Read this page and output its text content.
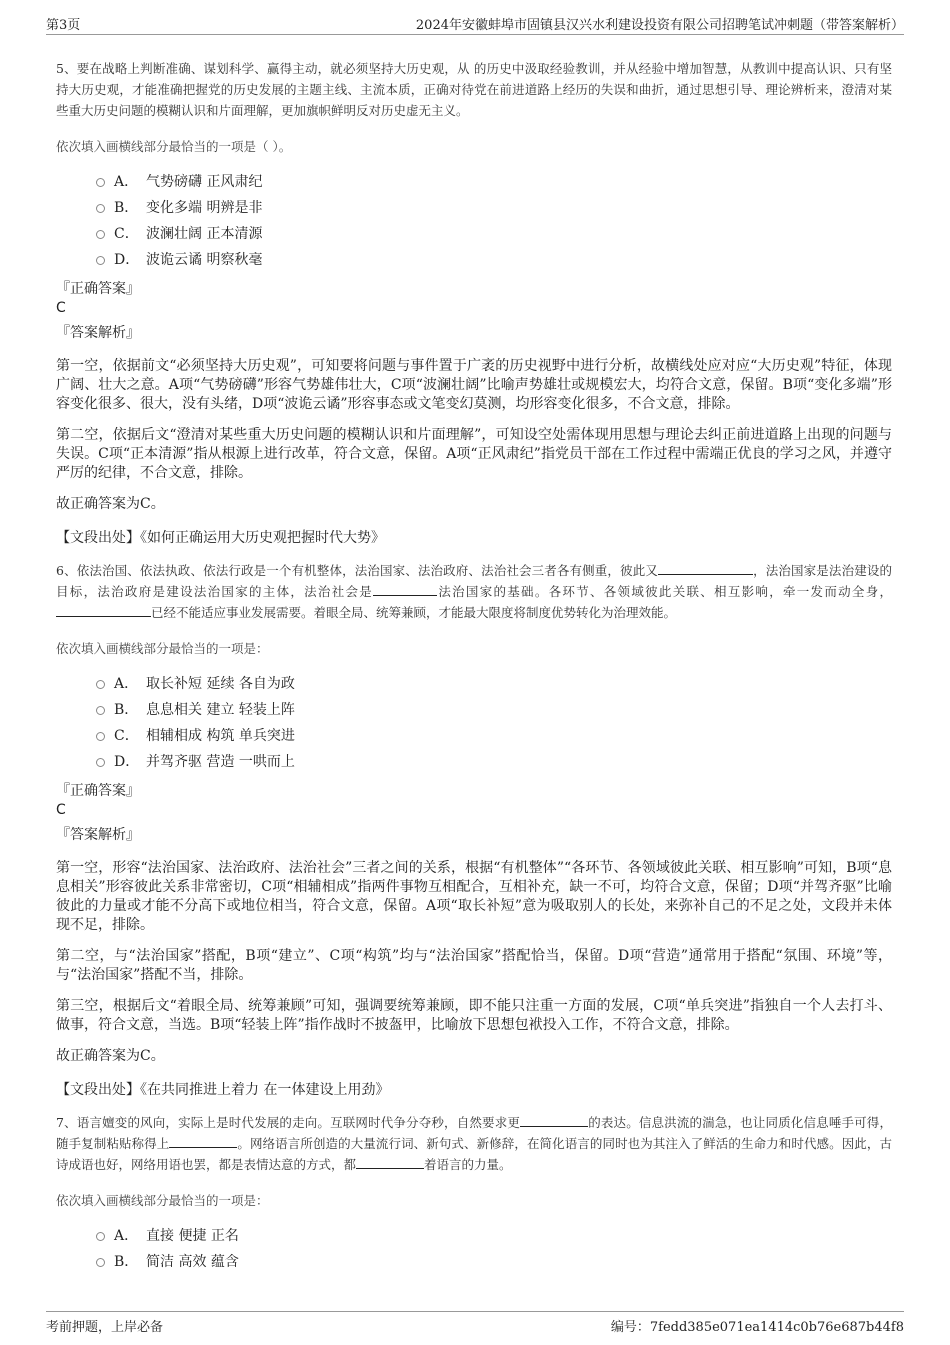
第3页	2024年安徽蚌埠市固镇县汉兴水利建设投资有限公司招聘笔试冲刺题（带答案解析）
5、要在战略上判断准确、谋划科学、赢得主动，就必须坚持大历史观，从 的历史中汲取经验教训，并从经验中增加智慧，从教训中提高认识、只有坚持大历史观，才能准确把握党的历史发展的主题主线、主流本质，正确对待党在前进道路上经历的失误和曲折，通过思想引导、理论辨析来，澄清对某些重大历史问题的模糊认识和片面理解，更加旗帜鲜明反对历史虚无主义。
依次填入画横线部分最恰当的一项是（ ）。
A． 气势磅礴 正风肃纪
B． 变化多端 明辨是非
C． 波澜壮阔 正本清源
D． 波诡云谲 明察秋毫
『正确答案』
C
『答案解析』
第一空，依据前文“必须坚持大历史观”，可知要将问题与事件置于广袤的历史视野中进行分析，故横线处应对应“大历史观”特征，体现广阔、壮大之意。A项“气势磅礴”形容气势雄伟壮大，C项“波澜壮阔”比喻声势雄壮或规模宏大，均符合文意，保留。B项“变化多端”形容变化很多、很大，没有头绪，D项“波诡云谲”形容事态或文笔变幻莫测，均形容变化很多，不合文意，排除。
第二空，依据后文“澄清对某些重大历史问题的模糊认识和片面理解”，可知设空处需体现用思想与理论去纠正前进道路上出现的问题与失误。C项“正本清源”指从根源上进行改革，符合文意，保留。A项“正风肃纪”指党员干部在工作过程中需端正优良的学习之风，并遵守严厉的纪律，不合文意，排除。
故正确答案为C。
【文段出处】《如何正确运用大历史观把握时代大势》
6、依法治国、依法执政、依法行政是一个有机整体，法治国家、法治政府、法治社会三者各有侧重，彼此又	，法治国家是法治建设的目标，法治政府是建设法治国家的主体，法治社会是	法治国家的基础。各环节、各领域彼此关联、相互影响，牵一发而动全身，已经不能适应事业发展需要。着眼全局、统筹兼顾，才能最大限度将制度优势转化为治理效能。
依次填入画横线部分最恰当的一项是：
A． 取长补短 延续 各自为政
B． 息息相关 建立 轻装上阵
C． 相辅相成 构筑 单兵突进
D． 并驾齐驱 营造 一哄而上
『正确答案』
C
『答案解析』
第一空，形容“法治国家、法治政府、法治社会”三者之间的关系，根据“有机整体”“各环节、各领域彼此关联、相互影响”可知，B项“息息相关”形容彼此关系非常密切，C项“相辅相成”指两件事物互相配合，互相补充，缺一不可，均符合文意，保留；D项“并驾齐驱”比喻彼此的力量或才能不分高下或地位相当，符合文意，保留。A项“取长补短”意为吸取别人的长处，来弥补自己的不足之处，文段并未体现不足，排除。
第二空，与“法治国家”搭配，B项“建立”、C项“构筑”均与“法治国家”搭配恰当，保留。D项“营造”通常用于搭配“氛围、环境”等，与“法治国家”搭配不当，排除。
第三空，根据后文“着眼全局、统筹兼顾”可知，强调要统筹兼顾，即不能只注重一方面的发展，C项“单兵突进”指独自一个人去打斗、做事，符合文意，当选。B项“轻装上阵”指作战时不披盔甲，比喻放下思想包袱投入工作，不符合文意，排除。
故正确答案为C。
【文段出处】《在共同推进上着力 在一体建设上用劲》
7、语言嬗变的风向，实际上是时代发展的走向。互联网时代争分夺秒，自然要求更	的表达。信息洪流的湍急，也让同质化信息唾手可得，随手复制粘贴称得上	。网络语言所创造的大量流行词、新句式、新修辞，在简化语言的同时也为其注入了鲜活的生命力和时代感。因此，古诗成语也好，网络用语也罢，都是表情达意的方式，都	着语言的力量。
依次填入画横线部分最恰当的一项是：
A． 直接 便捷 正名
B． 简洁 高效 蕴含
考前押题，上岸必备	编号：7fedd385e071ea1414c0b76e687b44f8
